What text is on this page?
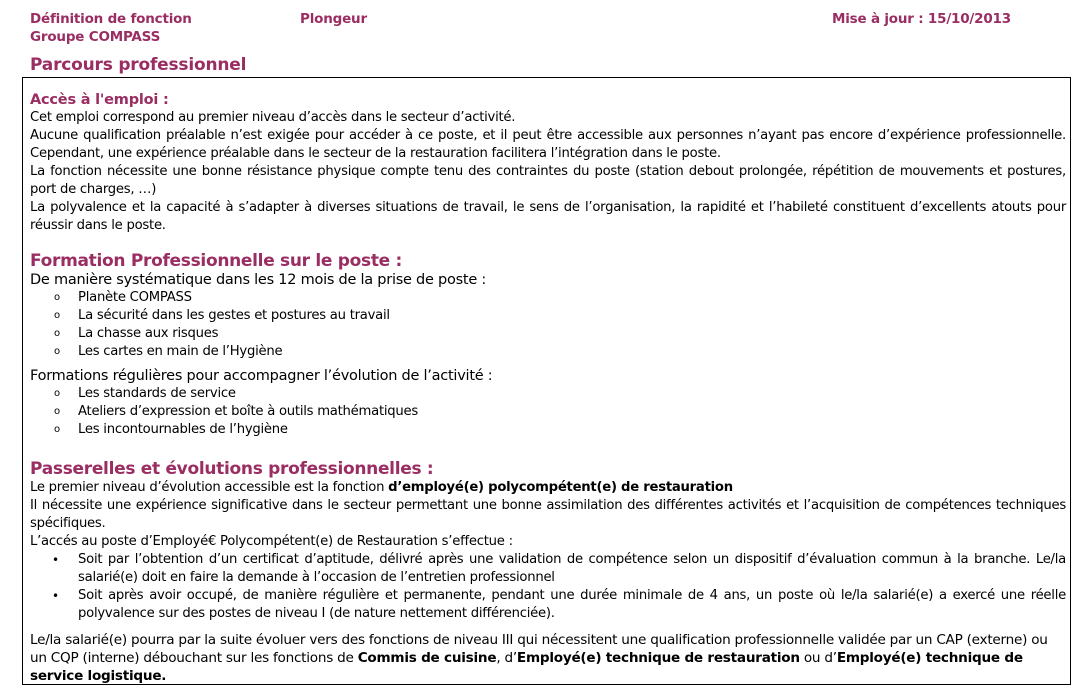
Définition de fonction
Groupe COMPASS
Plongeur	Mise à jour : 15/10/2013
Parcours professionnel
Accès à l'emploi :
Cet emploi correspond au premier niveau d’accès dans le secteur d’activité.
Aucune qualification préalable n’est exigée pour accéder à ce poste, et il peut être accessible aux personnes n’ayant pas encore d’expérience professionnelle. Cependant, une expérience préalable dans le secteur de la restauration facilitera l’intégration dans le poste.
La fonction nécessite une bonne résistance physique compte tenu des contraintes du poste (station debout prolongée, répétition de mouvements et postures, port de charges, …)
La polyvalence et la capacité à s’adapter à diverses situations de travail, le sens de l’organisation, la rapidité et l’habileté constituent d’excellents atouts pour réussir dans le poste.
Formation Professionnelle sur le poste :
De manière systématique dans les 12 mois de la prise de poste :
o Planète COMPASS
o La sécurité dans les gestes et postures au travail
o La chasse aux risques
o Les cartes en main de l’Hygiène
Formations régulières pour accompagner l’évolution de l’activité :
o Les standards de service
o Ateliers d’expression et boîte à outils mathématiques
o Les incontournables de l’hygiène
Passerelles et évolutions professionnelles :
Le premier niveau d’évolution accessible est la fonction d’employé(e) polycompétent(e) de restauration
Il nécessite une expérience significative dans le secteur permettant une bonne assimilation des différentes activités et l’acquisition de compétences techniques spécifiques.
L’accés au poste d’Employé€ Polycompétent(e) de Restauration s’effectue :
• Soit par l’obtention d’un certificat d’aptitude, délivré après une validation de compétence selon un dispositif d’évaluation commun à la branche. Le/la salarié(e) doit en faire la demande à l’occasion de l’entretien professionnel
• Soit après avoir occupé, de manière régulière et permanente, pendant une durée minimale de 4 ans, un poste où le/la salarié(e) a exercé une réelle polyvalence sur des postes de niveau I (de nature nettement différenciée).
Le/la salarié(e) pourra par la suite évoluer vers des fonctions de niveau III qui nécessitent une qualification professionnelle validée par un CAP (externe) ou un CQP (interne) débouchant sur les fonctions de Commis de cuisine, d’Employé(e) technique de restauration ou d’Employé(e) technique de service logistique.
